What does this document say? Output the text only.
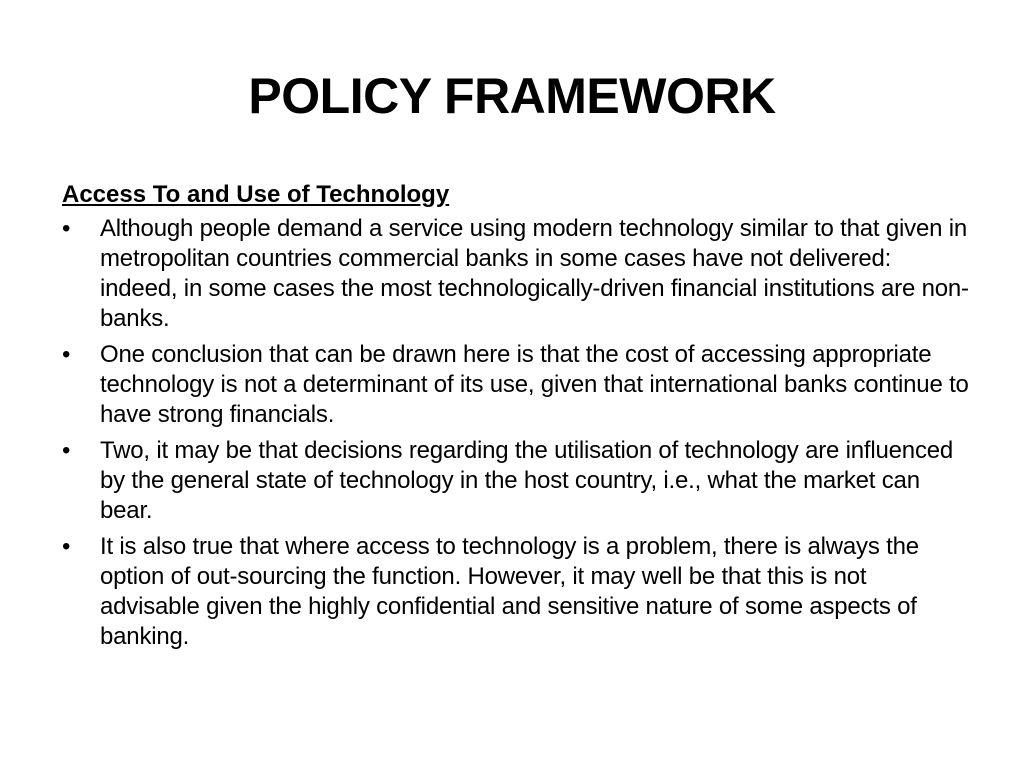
POLICY FRAMEWORK
Access To and Use of Technology
•	Although people demand a service using modern technology similar to that given in metropolitan countries commercial banks in some cases have not delivered: indeed, in some cases the most technologically-driven financial institutions are non-banks.
•	One conclusion that can be drawn here is that the cost of accessing appropriate technology is not a determinant of its use, given that international banks continue to have strong financials.
•	Two, it may be that decisions regarding the utilisation of technology are influenced by the general state of technology in the host country, i.e., what the market can bear.
•	It is also true that where access to technology is a problem, there is always the option of out-sourcing the function. However, it may well be that this is not advisable given the highly confidential and sensitive nature of some aspects of banking.
